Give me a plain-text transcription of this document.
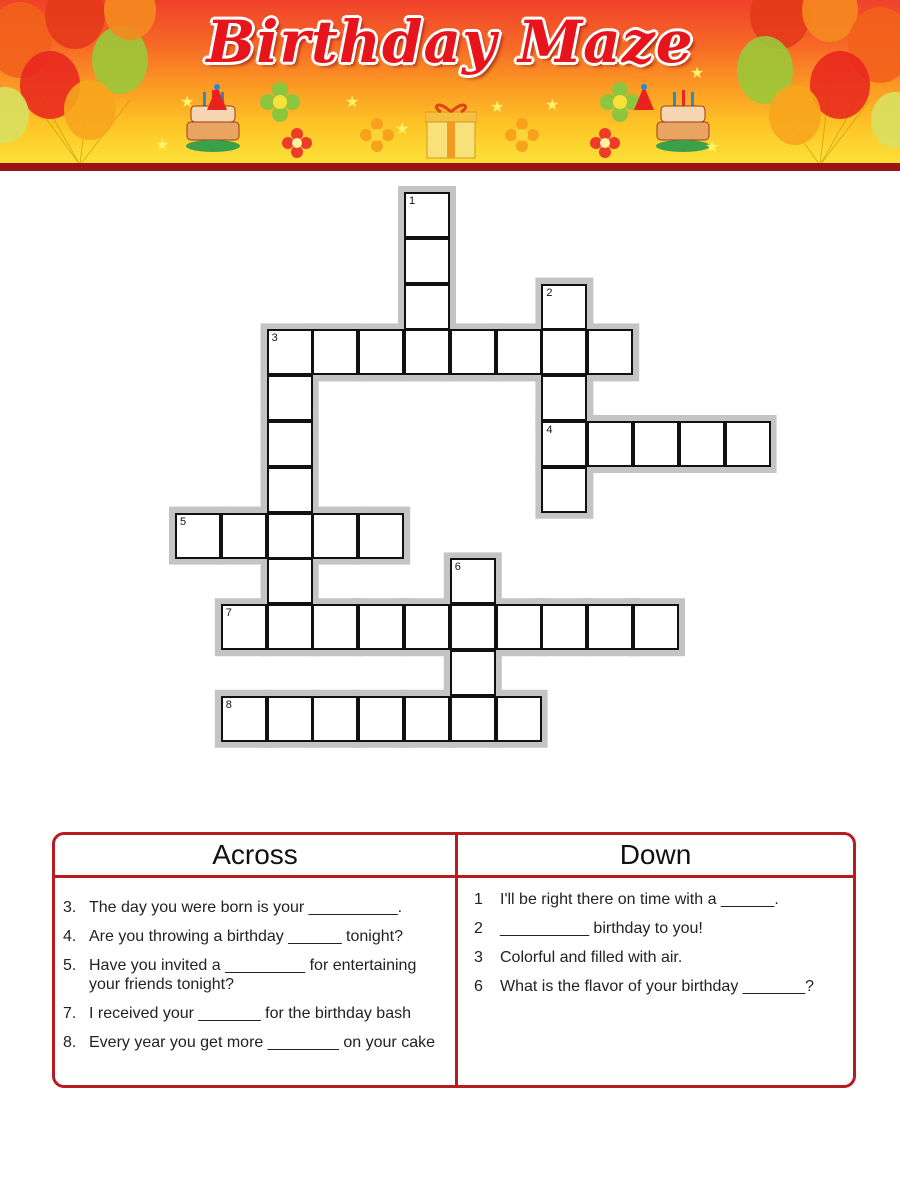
★	★
★
★	★
★
★
★
Birthday Maze
1
2
4
3
5
6
7
8
Across
3. The day you were born is your __________.
4. Are you throwing a birthday ______ tonight?
5. Have you invited a _________ for entertaining your friends tonight?
7. I received your _______ for the birthday bash
8. Every year you get more ________ on your cake
Down
1	I'll be right there on time with a ______.
2	__________ birthday to you!
3	Colorful and filled with air.
6	What is the flavor of your birthday _______?
